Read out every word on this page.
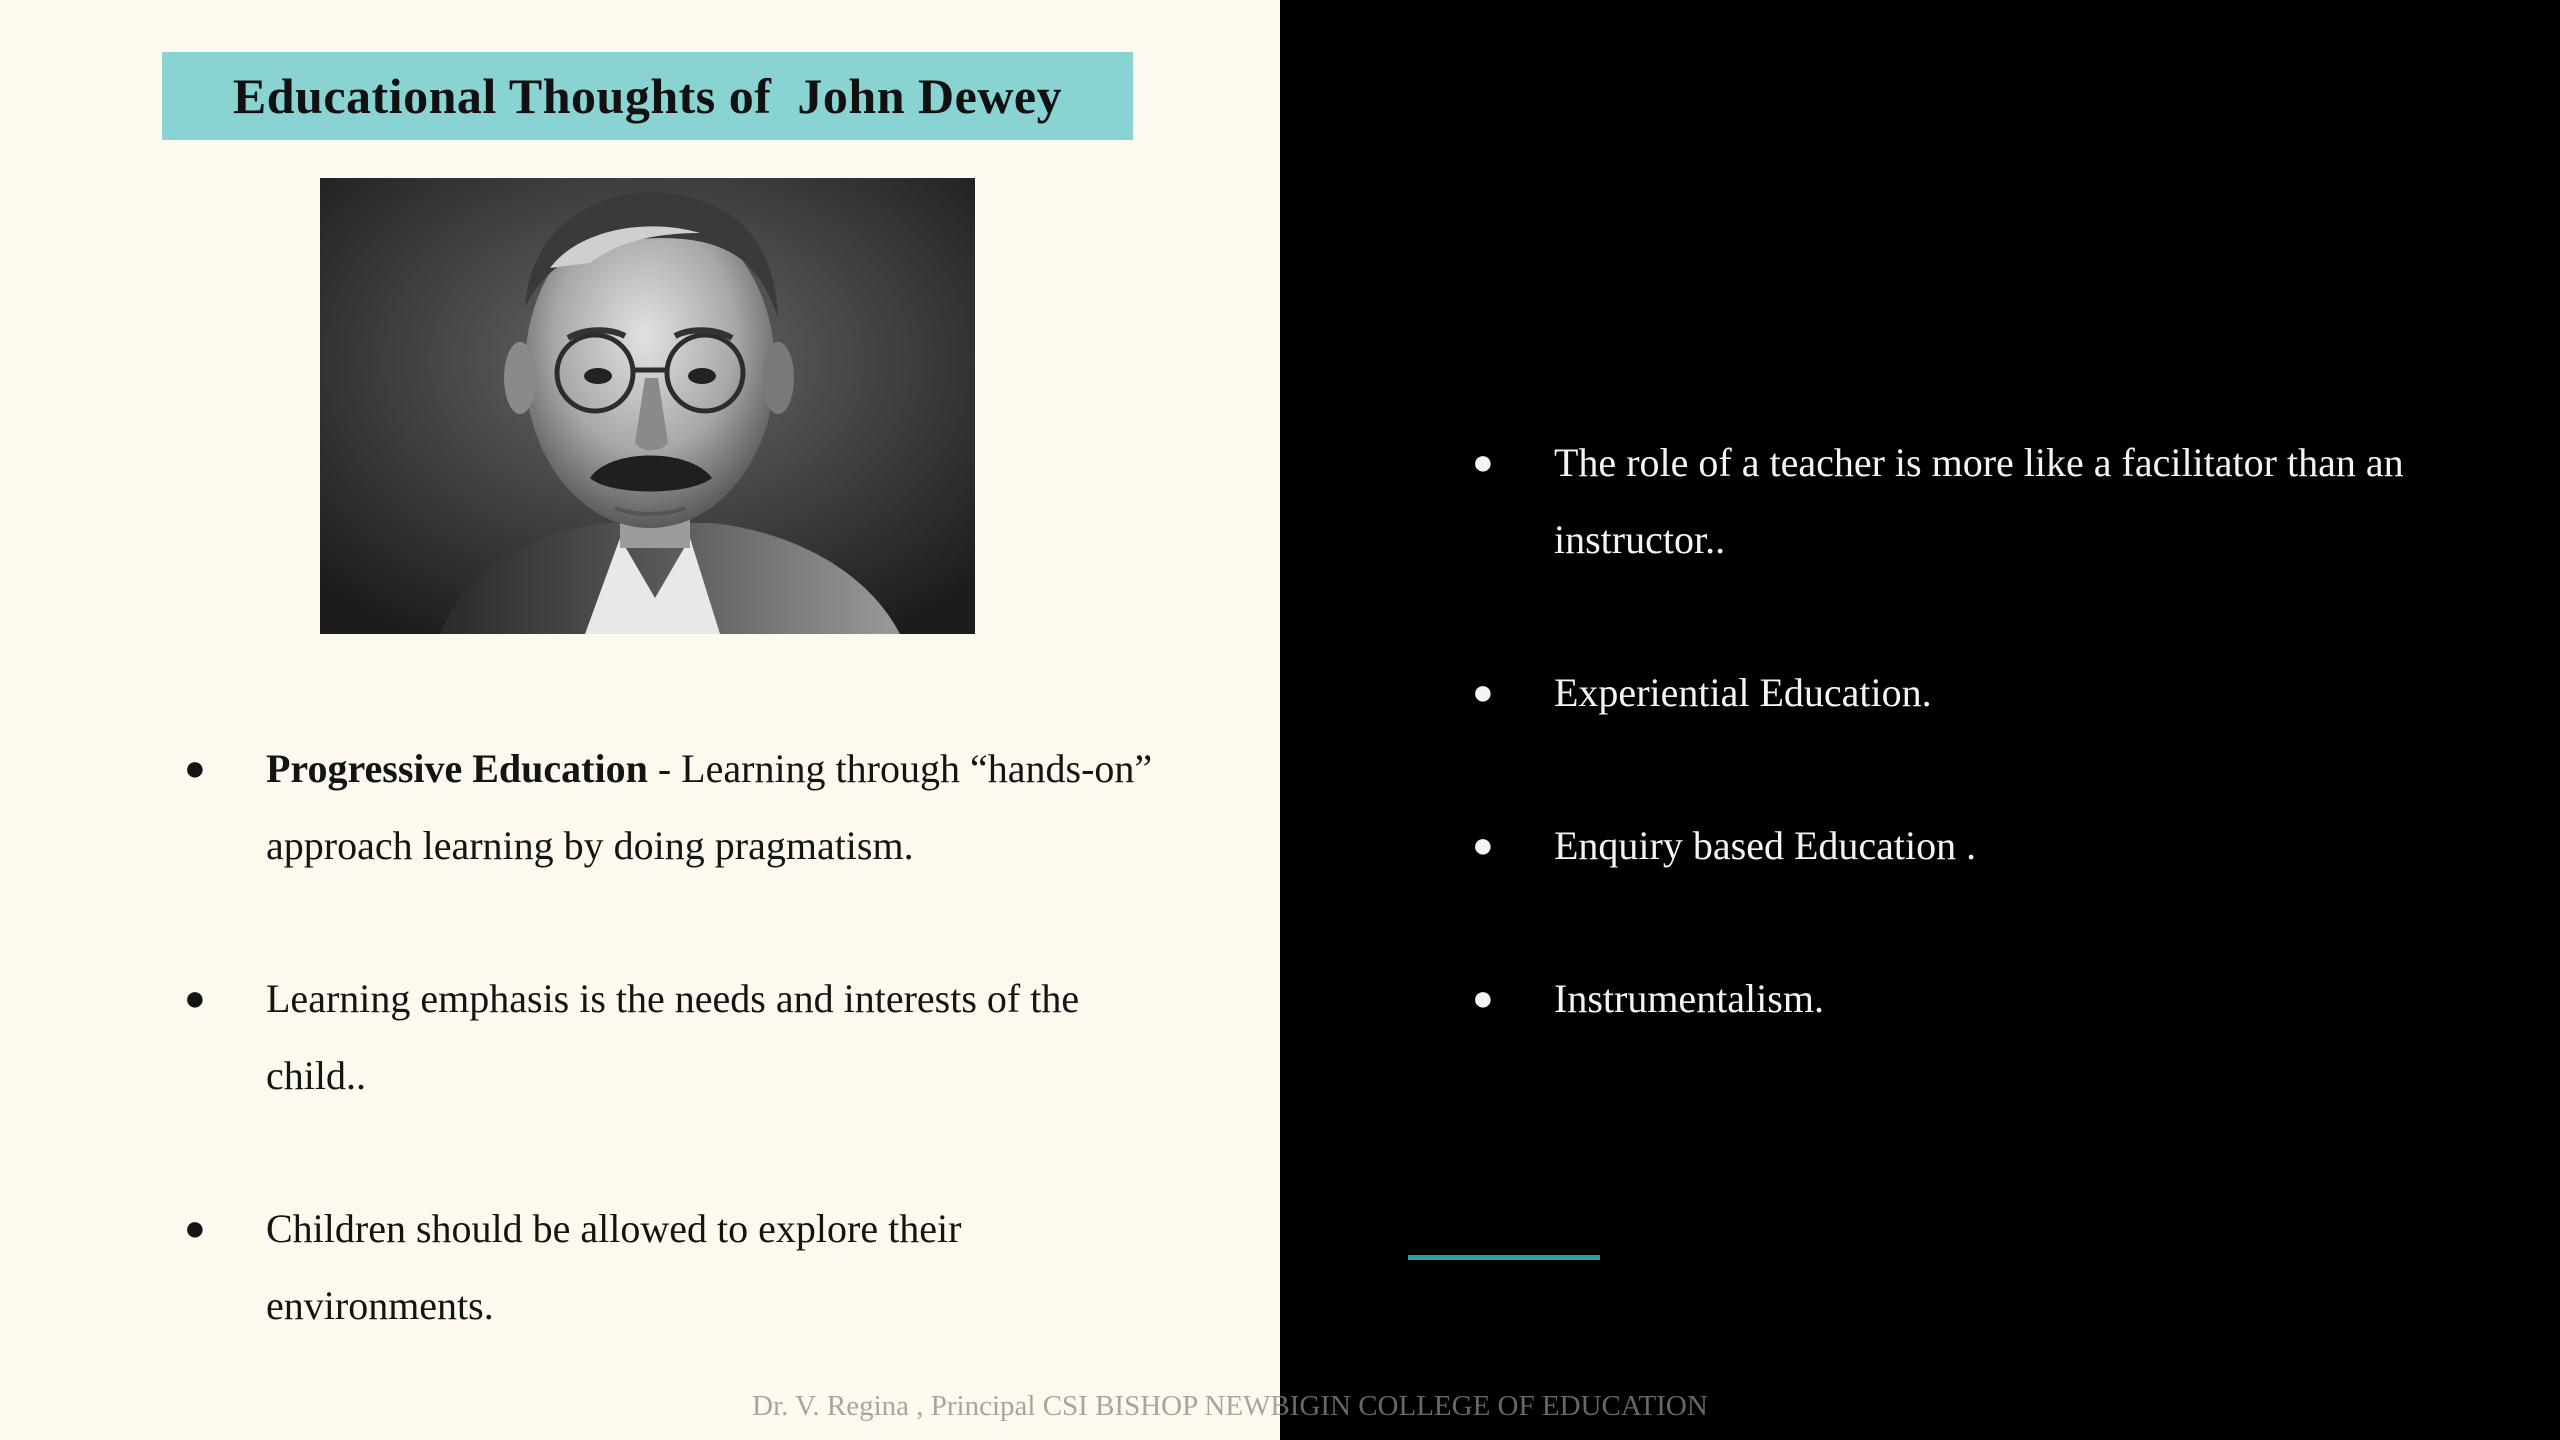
Educational Thoughts of  John Dewey
● Progressive Education - Learning through “hands-on” approach learning by doing pragmatism.
● Learning emphasis is the needs and interests of the child..
● Children should be allowed to explore their environments.
● The role of a teacher is more like a facilitator than an instructor..
● Experiential Education.
● Enquiry based Education .
● Instrumentalism.
Dr. V. Regina , Principal CSI BISHOP NEWBIGIN COLLEGE OF EDUCATION
